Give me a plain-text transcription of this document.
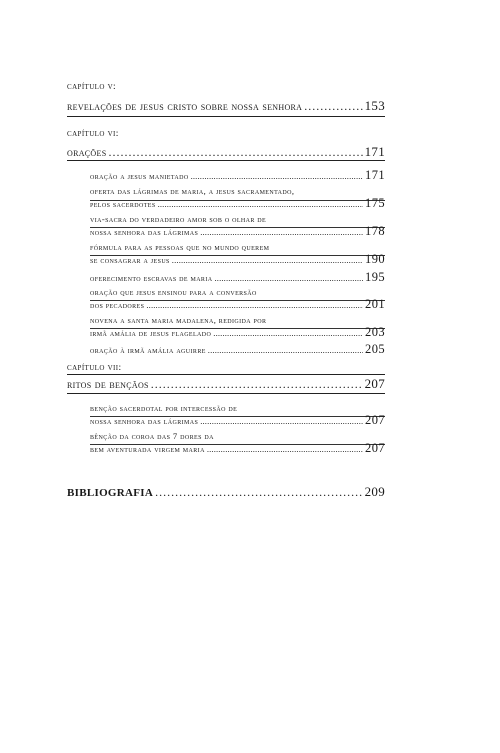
capítulo v:
revelações de jesus cristo sobre nossa senhora . . .	153
capítulo vi:
orações . . .	171
oração a jesus manietado . . .	171
oferta das lágrimas de maria, a jesus sacramentado,
pelos sacerdotes . . .	175
via-sacra do verdadeiro amor sob o olhar de
nossa senhora das lágrimas . . .	178
fórmula para as pessoas que no mundo querem
se consagrar a jesus . . .	190
oferecimento escravas de maria . . .	195
oração que jesus ensinou para a conversão
dos pecadores . . .	201
novena a santa maria madalena, redigida por
irmã amália de jesus flagelado . . .	203
oração à irmã amália aguirre . . .	205
capítulo vii:
ritos de bençãos . . .	207
benção sacerdotal por intercessão de
nossa senhora das lágrimas . . .	207
bênção da coroa das 7 dores da
bem aventurada virgem maria . . .	207
BIBLIOGRAFIA . . .	209
